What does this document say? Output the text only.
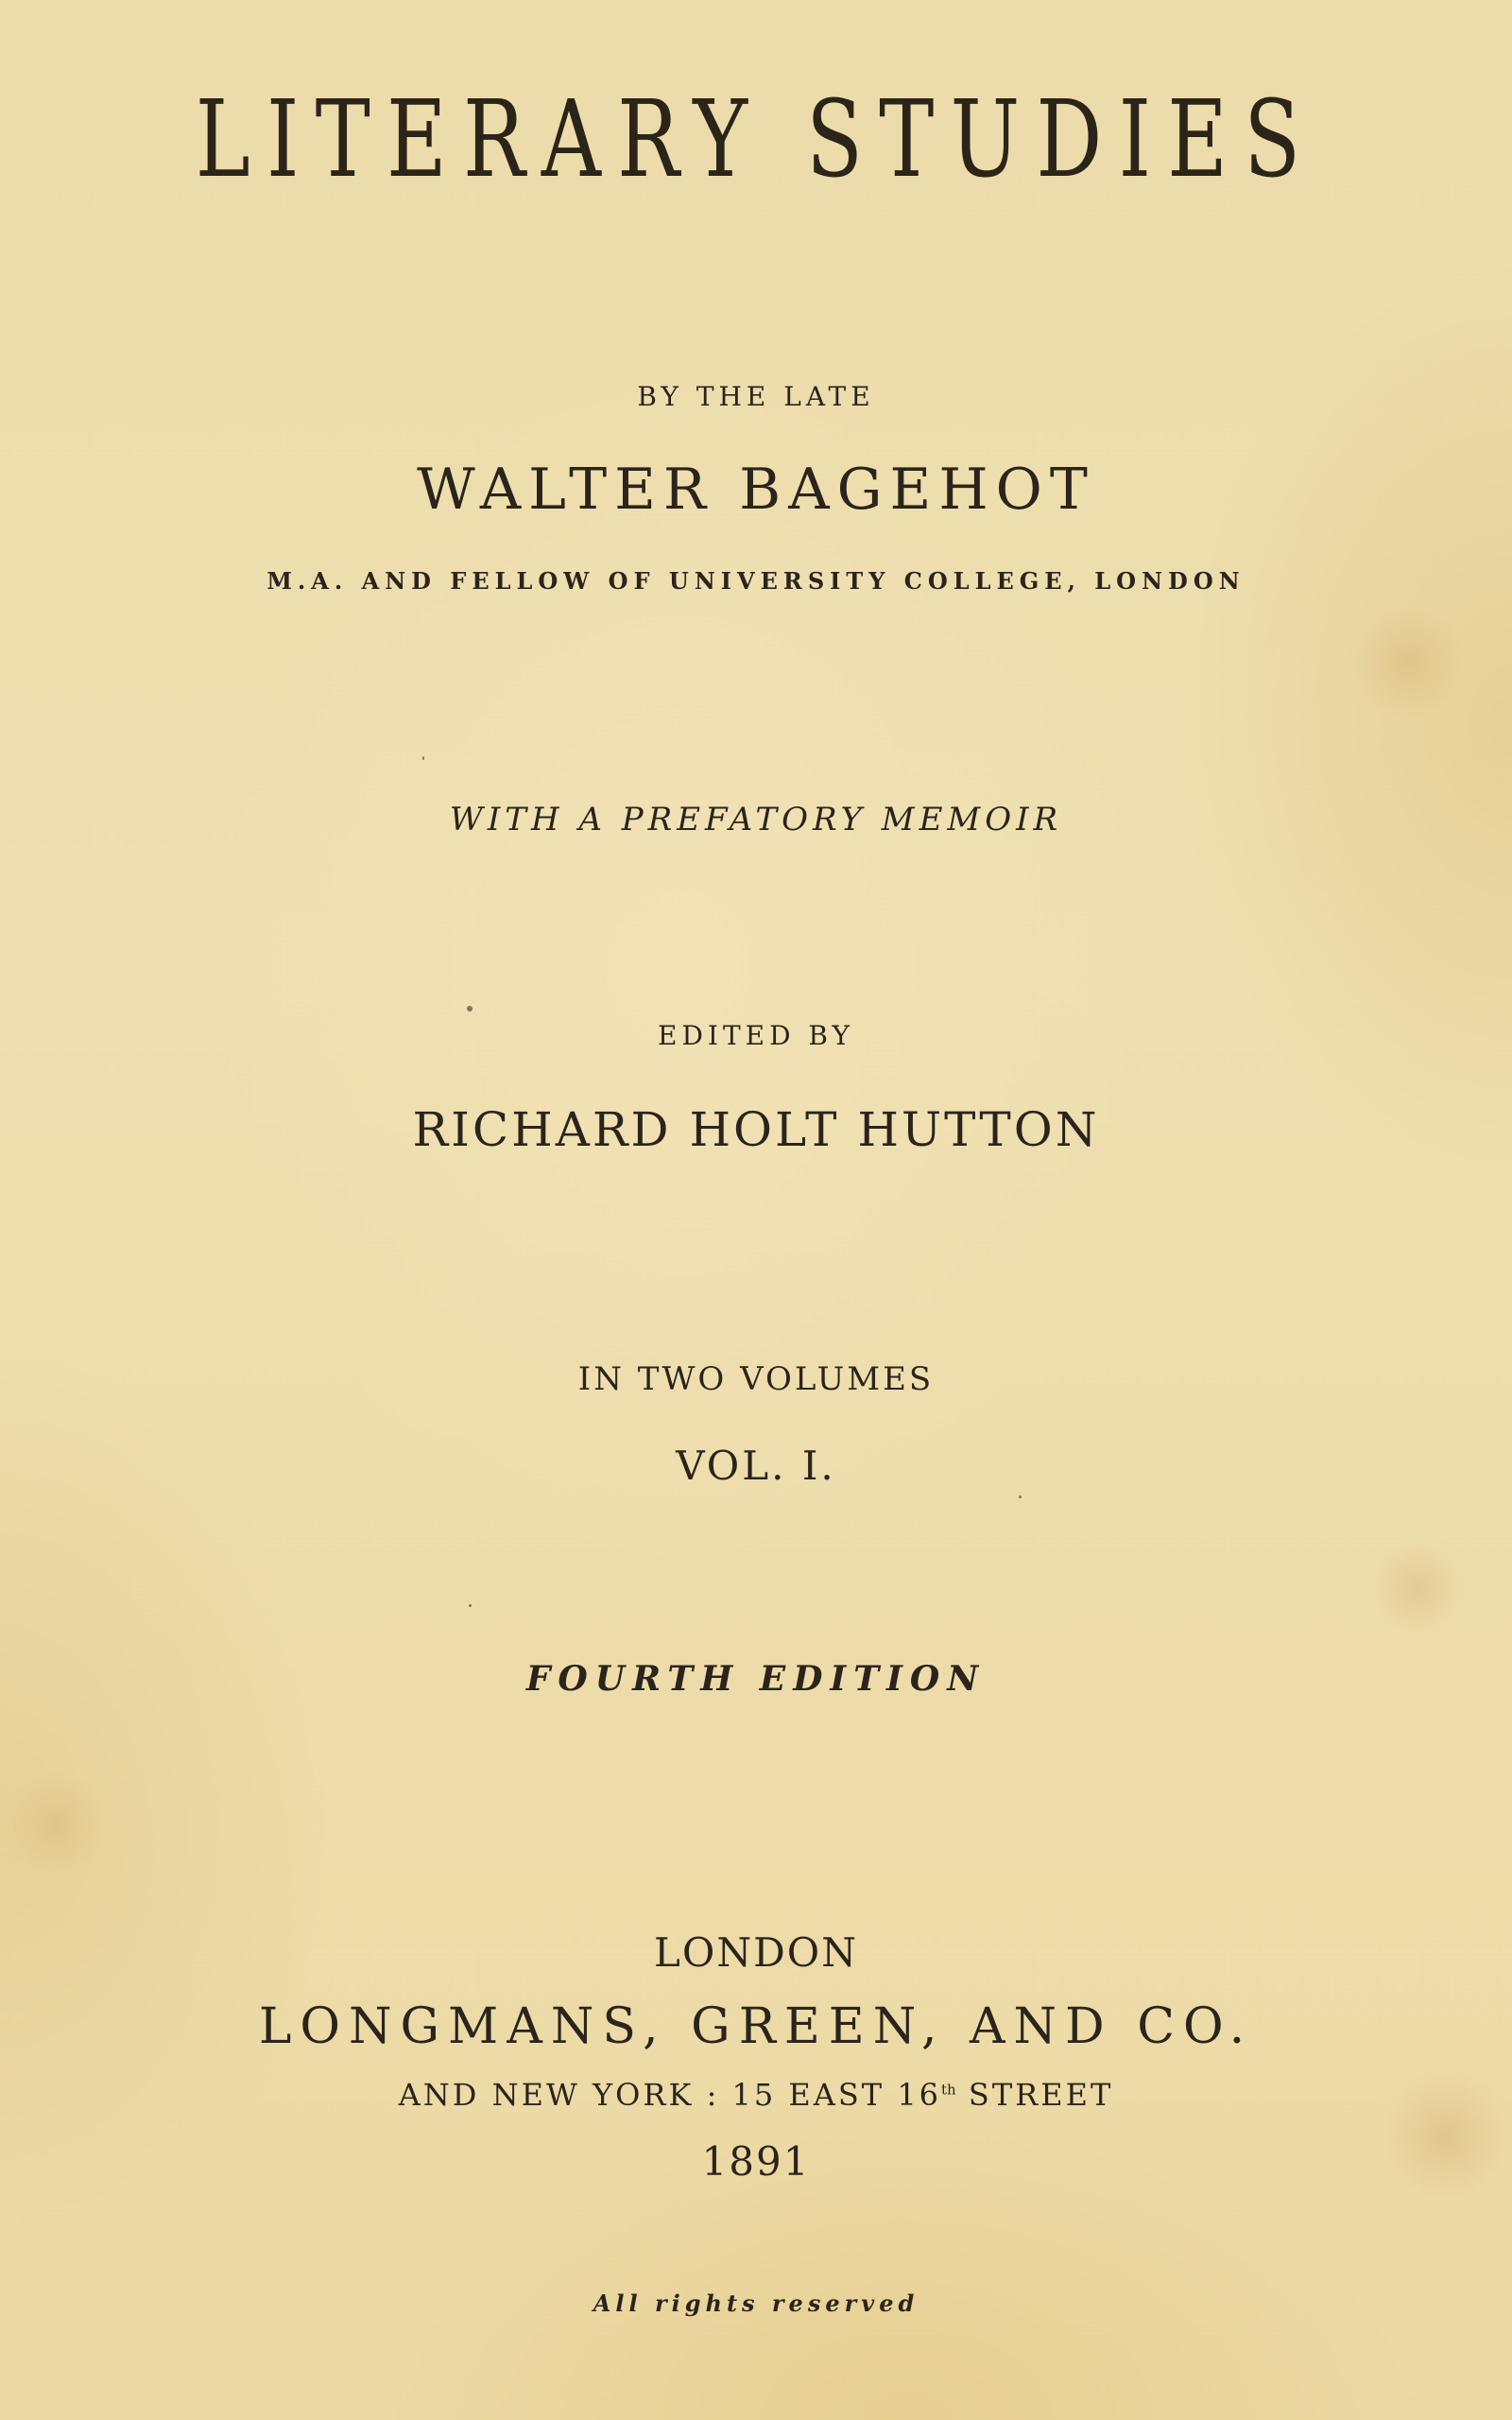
LITERARY STUDIES

BY THE LATE

WALTER BAGEHOT

M.A. AND FELLOW OF UNIVERSITY COLLEGE, LONDON

WITH A PREFATORY MEMOIR

EDITED BY

RICHARD HOLT HUTTON

IN TWO VOLUMES

VOL. I.

FOURTH EDITION

LONDON

LONGMANS, GREEN, AND CO.

AND NEW YORK : 15 EAST 16th STREET

1891

All rights reserved
